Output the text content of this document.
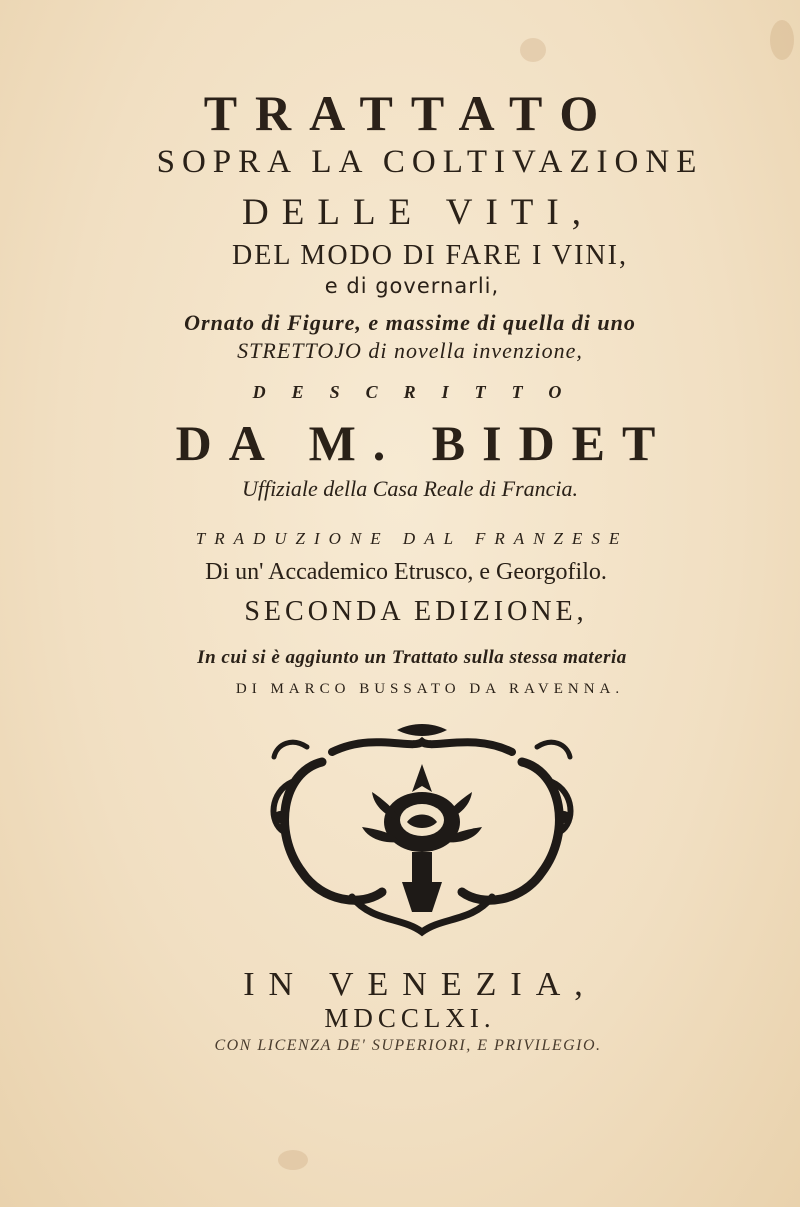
TRATTATO
SOPRA LA COLTIVAZIONE
DELLE VITI,
DEL MODO DI FARE I VINI,
e di governarli,
Ornato di Figure, e massime di quella di uno
STRETTOJO di novella invenzione,
DESCRITTO
DA M. BIDET
Uffiziale della Casa Reale di Francia.
TRADUZIONE DAL FRANZESE
Di un' Accademico Etrusco, e Georgofilo.
SECONDA EDIZIONE,
In cui si è aggiunto un Trattato sulla stessa materia
DI MARCO BUSSATO DA RAVENNA.
IN VENEZIA,
MDCCLXI.
CON LICENZA DE' SUPERIORI, E PRIVILEGIO.
